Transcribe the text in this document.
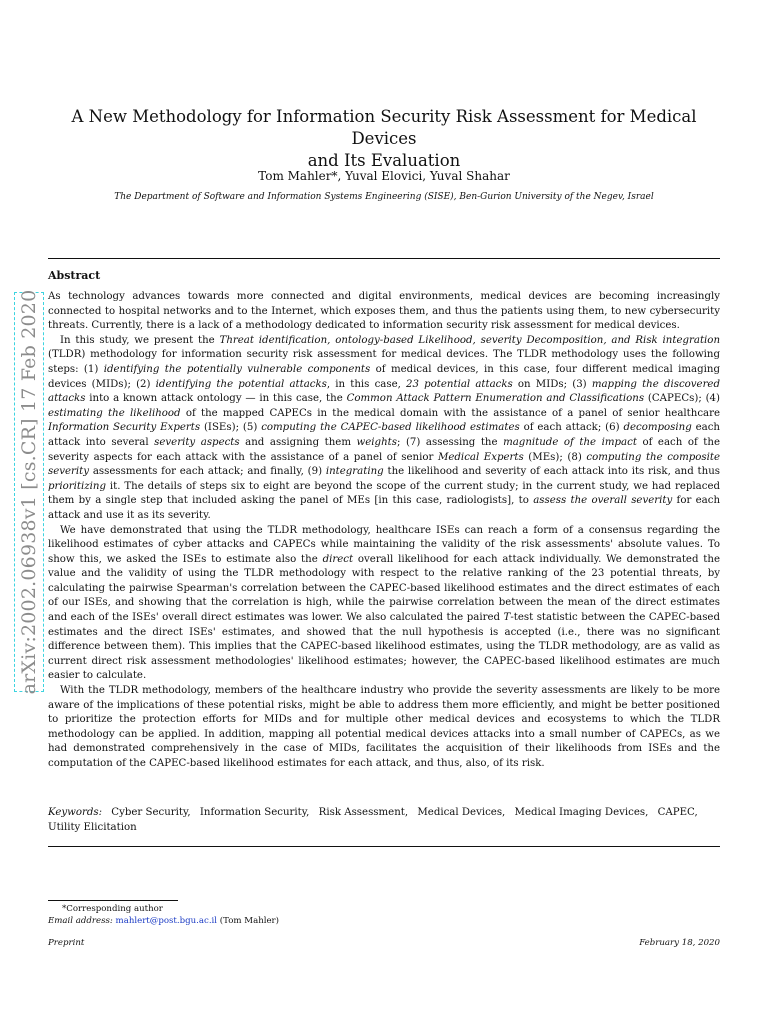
arXiv:2002.06938v1 [cs.CR] 17 Feb 2020
A New Methodology for Information Security Risk Assessment for Medical Devices
and Its Evaluation
Tom Mahler*, Yuval Elovici, Yuval Shahar
The Department of Software and Information Systems Engineering (SISE), Ben-Gurion University of the Negev, Israel
Abstract

As technology advances towards more connected and digital environments, medical devices are becoming increasingly connected to hospital networks and to the Internet, which exposes them, and thus the patients using them, to new cybersecurity threats. Currently, there is a lack of a methodology dedicated to information security risk assessment for medical devices.

In this study, we present the Threat identification, ontology-based Likelihood, severity Decomposition, and Risk integration (TLDR) methodology for information security risk assessment for medical devices. The TLDR methodology uses the following steps: (1) identifying the potentially vulnerable components of medical devices, in this case, four different medical imaging devices (MIDs); (2) identifying the potential attacks, in this case, 23 potential attacks on MIDs; (3) mapping the discovered attacks into a known attack ontology — in this case, the Common Attack Pattern Enumeration and Classifications (CAPECs); (4) estimating the likelihood of the mapped CAPECs in the medical domain with the assistance of a panel of senior healthcare Information Security Experts (ISEs); (5) computing the CAPEC-based likelihood estimates of each attack; (6) decomposing each attack into several severity aspects and assigning them weights; (7) assessing the magnitude of the impact of each of the severity aspects for each attack with the assistance of a panel of senior Medical Experts (MEs); (8) computing the composite severity assessments for each attack; and finally, (9) integrating the likelihood and severity of each attack into its risk, and thus prioritizing it. The details of steps six to eight are beyond the scope of the current study; in the current study, we had replaced them by a single step that included asking the panel of MEs [in this case, radiologists], to assess the overall severity for each attack and use it as its severity.

We have demonstrated that using the TLDR methodology, healthcare ISEs can reach a form of a consensus regarding the likelihood estimates of cyber attacks and CAPECs while maintaining the validity of the risk assessments' absolute values. To show this, we asked the ISEs to estimate also the direct overall likelihood for each attack individually. We demonstrated the value and the validity of using the TLDR methodology with respect to the relative ranking of the 23 potential threats, by calculating the pairwise Spearman's correlation between the CAPEC-based likelihood estimates and the direct estimates of each of our ISEs, and showing that the correlation is high, while the pairwise correlation between the mean of the direct estimates and each of the ISEs' overall direct estimates was lower. We also calculated the paired T-test statistic between the CAPEC-based estimates and the direct ISEs' estimates, and showed that the null hypothesis is accepted (i.e., there was no significant difference between them). This implies that the CAPEC-based likelihood estimates, using the TLDR methodology, are as valid as current direct risk assessment methodologies' likelihood estimates; however, the CAPEC-based likelihood estimates are much easier to calculate.

With the TLDR methodology, members of the healthcare industry who provide the severity assessments are likely to be more aware of the implications of these potential risks, might be able to address them more efficiently, and might be better positioned to prioritize the protection efforts for MIDs and for multiple other medical devices and ecosystems to which the TLDR methodology can be applied. In addition, mapping all potential medical devices attacks into a small number of CAPECs, as we had demonstrated comprehensively in the case of MIDs, facilitates the acquisition of their likelihoods from ISEs and the computation of the CAPEC-based likelihood estimates for each attack, and thus, also, of its risk.

Keywords: Cyber Security, Information Security, Risk Assessment, Medical Devices, Medical Imaging Devices, CAPEC, Utility Elicitation
*Corresponding author
Email address: mahlert@post.bgu.ac.il (Tom Mahler)
Preprint	February 18, 2020
